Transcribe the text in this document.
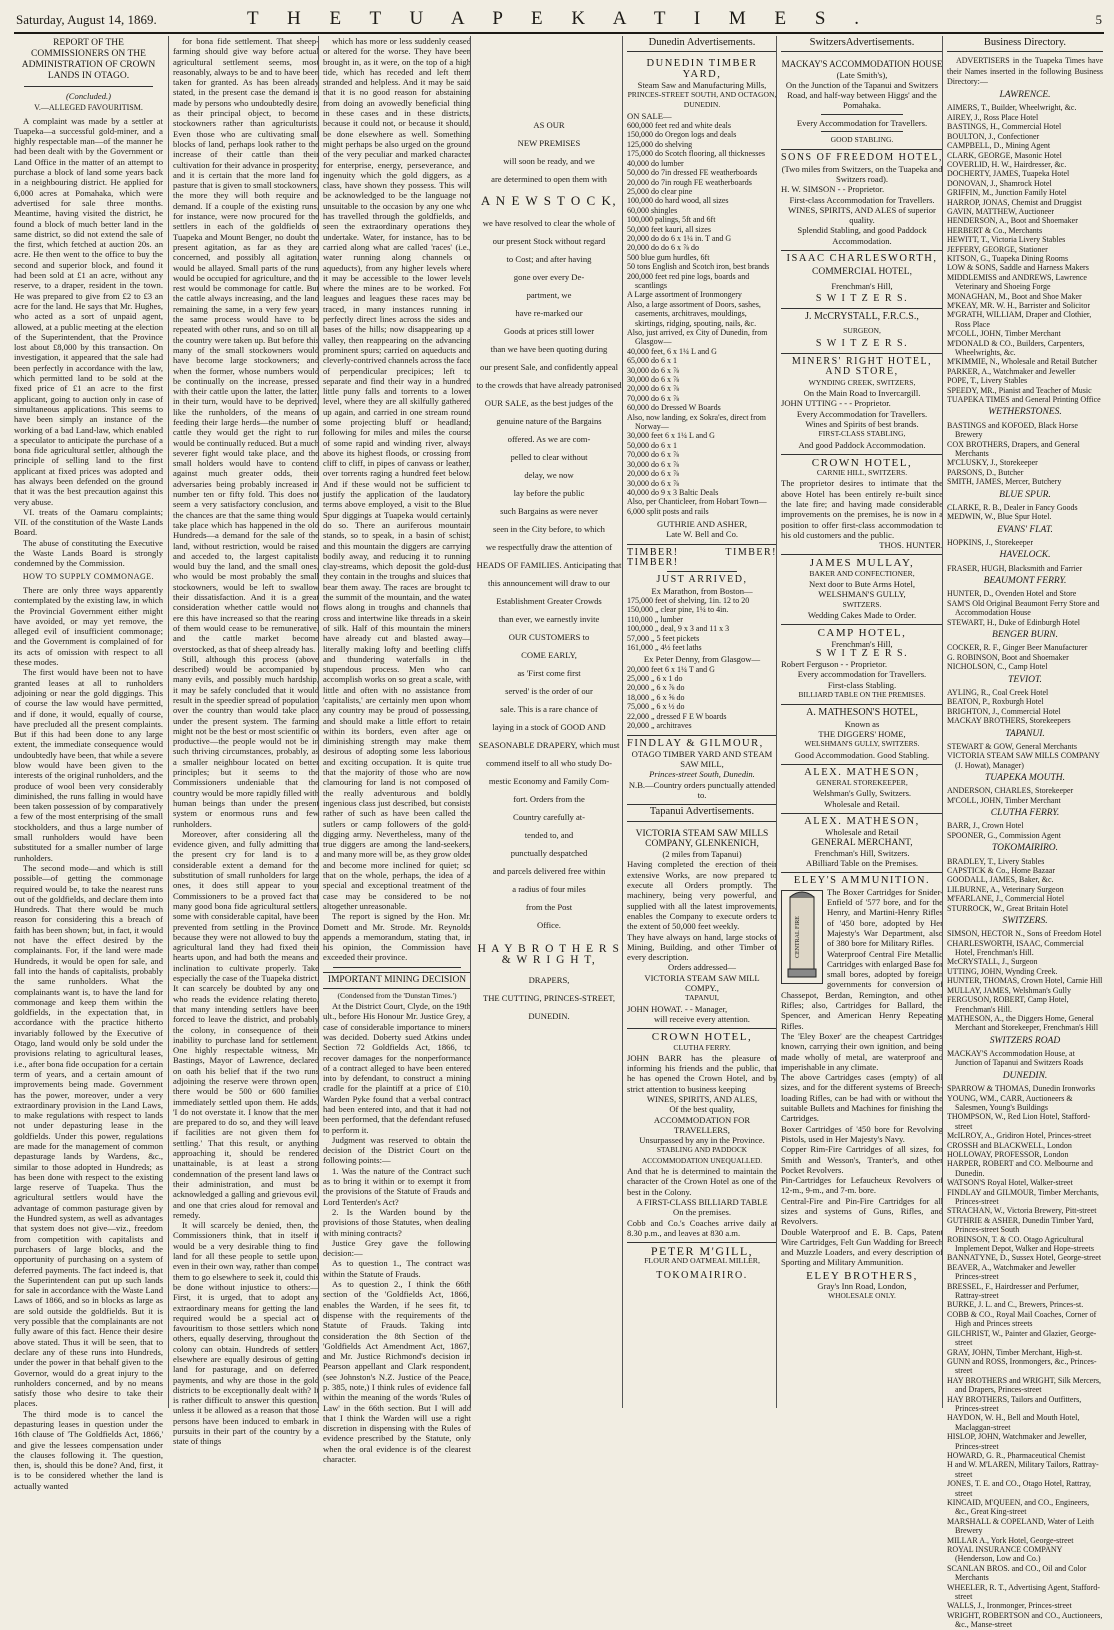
Saturday, August 14, 1869.	T H E T U A P E K A T I M E S .	5
REPORT OF THE COMMISSIONERS ON THE ADMINISTRATION OF CROWN LANDS IN OTAGO.

(Concluded.)

V.—ALLEGED FAVOURITISM.

A complaint was made by a settler at Tuapeka—a successful gold-miner, and a highly respectable man—of the manner he had been dealt with by the Government or Land Office in the matter of an attempt to purchase a block of land some years back in a neighbouring district. He applied for 6,000 acres at Pomahaka, which were advertised for sale three months. Meantime, having visited the district, he found a block of much better land in the same district, so did not extend the sale of the first, which fetched at auction 20s. an acre. He then went to the office to buy the second and superior block, and found it had been sold at £1 an acre, without any reserve, to a draper, resident in the town. He was prepared to give from £2 to £3 an acre for the land. He says that Mr. Hughes, who acted as a sort of unpaid agent, allowed, at a public meeting at the election of the Superintendent, that the Province lost about £8,000 by this transaction. On investigation, it appeared that the sale had been perfectly in accordance with the law, which permitted land to be sold at the fixed price of £1 an acre to the first applicant, going to auction only in case of simultaneous applications. This seems to have been simply an instance of the working of a bad Land-law, which enabled a speculator to anticipate the purchase of a bona fide agricultural settler, although the principle of selling land to the first applicant at fixed prices was adopted and has always been defended on the ground that it was the best precaution against this very abuse.

VI. treats of the Oamaru complaints; VII. of the constitution of the Waste Lands Board.

The abuse of constituting the Executive the Waste Lands Board is strongly condemned by the Commission.

HOW TO SUPPLY COMMONAGE.

There are only three ways apparently contemplated by the existing law, in which the Provincial Government either might have avoided, or may yet remove, the alleged evil of insufficient commonage; and the Government is complained of for its acts of omission with respect to all these modes.

The first would have been not to have granted leases at all to runholders adjoining or near the gold diggings. This of course the law would have permitted, and if done, it would, equally of course, have precluded all the present complaints. But if this had been done to any large extent, the immediate consequence would undoubtedly have been, that while a severe blow would have been given to the interests of the original runholders, and the produce of wool been very considerably diminished, the runs falling in would have been taken possession of by comparatively a few of the most enterprising of the small stockholders, and thus a large number of small runholders would have been substituted for a smaller number of large runholders.

The second mode—and which is still possible—of getting the commonage required would be, to take the nearest runs out of the goldfields, and declare them into Hundreds. That there would be much reason for considering this a breach of faith has been shown; but, in fact, it would not have the effect desired by the complainants. For, if the land were made Hundreds, it would be open for sale, and fall into the hands of capitalists, probably the same runholders. What the complainants want is, to have the land for commonage and keep them within the goldfields, in the expectation that, in accordance with the practice hitherto invariably followed by the Executive of Otago, land would only be sold under the provisions relating to agricultural leases, i.e., after bona fide occupation for a certain term of years, and a certain amount of improvements being made. Government has the power, moreover, under a very extraordinary provision in the Land Laws, to make regulations with respect to lands not under depasturing lease in the goldfields. Under this power, regulations are made for the management of common depasturage lands by Wardens, &c., similar to those adopted in Hundreds; as has been done with respect to the existing large reserve of Tuapeka. Thus the agricultural settlers would have the advantage of common pasturage given by the Hundred system, as well as advantages that system does not give—viz., freedom from competition with capitalists and purchasers of large blocks, and the opportunity of purchasing on a system of deferred payments. The fact indeed is, that the Superintendent can put up such lands for sale in accordance with the Waste Land Laws of 1866, and so in blocks as large as are sold outside the goldfields. But it is very possible that the complainants are not fully aware of this fact. Hence their desire above stated. Thus it will be seen, that to declare any of these runs into Hundreds, under the power in that behalf given to the Governor, would do a great injury to the runholders concerned, and by no means satisfy those who desire to take their places.

The third mode is to cancel the depasturing leases in question under the 16th clause of 'The Goldfields Act, 1866,' and give the lessees compensation under the clauses following it. The question, then, is, should this be done? And, first, it is to be considered whether the land is actually wanted

for bona fide settlement. That sheep-farming should give way before actual agricultural settlement seems, most reasonably, always to be and to have been taken for granted. As has been already stated, in the present case the demand is made by persons who undoubtedly desire, as their principal object, to become stockowners rather than agriculturists. Even those who are cultivating small blocks of land, perhaps look rather to the increase of their cattle than their cultivation for their advance in prosperity; and it is certain that the more land for pasture that is given to small stockowners, the more they will both require and demand. If a couple of the existing runs, for instance, were now procured for the settlers in each of the goldfields of Tuapeka and Mount Benger, no doubt the present agitation, as far as they are concerned, and possibly all agitation, would be allayed. Small parts of the runs would be occupied for agriculture, and the rest would be commonage for cattle. But the cattle always increasing, and the land remaining the same, in a very few years the same process would have to be repeated with other runs, and so on till all the country were taken up. But before this many of the small stockowners would have become large stockowners; and when the former, whose numbers would be continually on the increase, pressed with their cattle upon the latter, the latter, in their turn, would have to be deprived, like the runholders, of the means of feeding their large herds—the number of cattle they would get the right to run would be continually reduced. But a much severer fight would take place, and the small holders would have to contend against much greater odds, their adversaries being probably increased in number ten or fifty fold. This does not seem a very satisfactory conclusion, and the chances are that the same thing would take place which has happened in the old Hundreds—a demand for the sale of the land, without restriction, would be raised and acceded to, the largest capitalists would buy the land, and the small ones, who would be most probably the small stockowners, would be left to swallow their dissatisfaction. And it is a great consideration whether cattle would not ere this have increased so that the rearing of them would cease to be remunerative, and the cattle market become overstocked, as that of sheep already has.

Still, although this process (above described) would be accompanied by many evils, and possibly much hardship, it may be safely concluded that it would result in the speedier spread of population over the country than would take place under the present system. The farming might not be the best or most scientific or productive—the people would not be in such thriving circumstances, probably, as a smaller neighbour located on better principles; but it seems to the Commissioners undeniable that the country would be more rapidly filled with human beings than under the present system or enormous runs and few runholders.

Moreover, after considering all the evidence given, and fully admitting that the present cry for land is to a considerable extent a demand for the substitution of small runholders for large ones, it does still appear to your Commissioners to be a proved fact that many good bona fide agricultural settlers, some with considerable capital, have been prevented from settling in the Province because they were not allowed to buy the agricultural land they had fixed their hearts upon, and had both the means and inclination to cultivate properly. Take especially the case of the Tuapeka district. It can scarcely be doubted by any one who reads the evidence relating thereto, that many intending settlers have been forced to leave the district, and probably the colony, in consequence of their inability to purchase land for settlement. One highly respectable witness, Mr. Bastings, Mayor of Lawrence, declared on oath his belief that if the two runs adjoining the reserve were thrown open, there would be 500 or 600 families immediately settled upon them. He adds, 'I do not overstate it. I know that the men are prepared to do so, and they will leave if facilities are not given them for settling.' That this result, or anything approaching it, should be rendered unattainable, is at least a strong condemnation of the present land laws or their administration, and must be acknowledged a galling and grievous evil, and one that cries aloud for removal and remedy.

It will scarcely be denied, then, the Commissioners think, that in itself it would be a very desirable thing to find land for all these people to settle upon, even in their own way, rather than compel them to go elsewhere to seek it, could this be done without injustice to others:—First, it is urged, that to adopt any extraordinary means for getting the land required would be a special act of favouritism to those settlers which none others, equally deserving, throughout the colony can obtain. Hundreds of settlers elsewhere are equally desirous of getting land for pasturage, and on deferred payments, and why are those in the gold districts to be exceptionally dealt with? It is rather difficult to answer this question, unless it be allowed as a reason that those persons have been induced to embark in pursuits in their part of the country by a state of things

which has more or less suddenly ceased or altered for the worse. They have been brought in, as it were, on the top of a high tide, which has receded and left them stranded and helpless. And it may be said that it is no good reason for abstaining from doing an avowedly beneficial thing in these cases and in these districts, because it could not, or because it should, be done elsewhere as well. Something might perhaps be also urged on the ground of the very peculiar and marked character for enterprise, energy, perseverance, and ingenuity which the gold diggers, as a class, have shown they possess. This will be acknowledged to be the language not unsuitable to the occasion by any one who has travelled through the goldfields, and seen the extraordinary operations they undertake. Water, for instance, has to be carried along what are called 'races' (i.e., water running along channels or aqueducts), from any higher levels where it may be accessible to the lower levels where the mines are to be worked. For leagues and leagues these races may be traced, in many instances running in perfectly direct lines across the sides and bases of the hills; now disappearing up a valley, then reappearing on the advancing prominent spurs; carried on aqueducts and cleverly-contrived channels across the face of perpendicular precipices; left to separate and find their way in a hundred little puny falls and torrents to a lower level, where they are all skilfully gathered up again, and carried in one stream round some projecting bluff or headland; following for miles and miles the course of some rapid and winding river, always above its highest floods, or crossing from cliff to cliff, in pipes of canvass or leather, over torrents raging a hundred feet below. And if these would not be sufficient to justify the application of the laudatory terms above employed, a visit to the Blue Spur diggings at Tuapeka would certainly do so. There an auriferous mountain stands, so to speak, in a basin of schist; and this mountain the diggers are carrying bodily away, and reducing it to running clay-streams, which deposit the gold-dust they contain in the troughs and sluices that bear them away. The races are brought to the summit of the mountain, and the water flows along in troughs and channels that cross and intertwine like threads in a skein of silk. Half of this mountain the miners have already cut and blasted away—literally making lofty and beetling cliffs and thundering waterfalls in the stupendous process. Men who can accomplish works on so great a scale, with little and often with no assistance from 'capitalists,' are certainly men upon whom any country may be proud of possessing, and should make a little effort to retain within its borders, even after age or diminishing strength may make them desirous of adopting some less laborious and exciting occupation. It is quite true that the majority of those who are now clamouring for land is not composed of the really adventurous and boldly ingenious class just described, but consists rather of such as have been called the sutlers or camp followers of the gold-digging army. Nevertheless, many of the true diggers are among the land-seekers, and many more will be, as they grow older and become more inclined for quiet; so that on the whole, perhaps, the idea of a special and exceptional treatment of the case may be considered to be not altogether unreasonable.

The report is signed by the Hon. Mr. Domett and Mr. Strode. Mr. Reynolds appends a memorandum, stating that, in his opinion, the Commission have exceeded their province.

IMPORTANT MINING DECISION

(Condensed from the 'Dunstan Times.')

At the District Court, Clyde, on the 19th ult., before His Honour Mr. Justice Grey, a case of considerable importance to miners was decided. Doberty sued Atkins under Section 72 Goldfields Act, 1866, to recover damages for the nonperformance of a contract alleged to have been entered into by defendant, to construct a mining cradle for the plaintiff at a price of £10. Warden Pyke found that a verbal contract had been entered into, and that it had not been performed, that the defendant refused to perform it.

Judgment was reserved to obtain the decision of the District Court on the following points:—

1. Was the nature of the Contract such as to bring it within or to exempt it from the provisions of the Statute of Frauds and Lord Tenterden's Act?

2. Is the Warden bound by the provisions of those Statutes, when dealing with mining contracts?

Justice Grey gave the following decision:—

As to question 1., The contract was within the Statute of Frauds.

As to question 2., I think the 66th section of the 'Goldfields Act, 1866,' enables the Warden, if he sees fit, to dispense with the requirements of the Statute of Frauds. Taking into consideration the 8th Section of the 'Goldfields Act Amendment Act, 1867,' and Mr. Justice Richmond's decision in Pearson appellant and Clark respondent, (see Johnston's N.Z. Justice of the Peace, p. 385, note,) I think rules of evidence fall within the meaning of the words 'Rules of Law' in the 66th section. But I will add that I think the Warden will use a right discretion in dispensing with the Rules of evidence prescribed by the Statute, only when the oral evidence is of the clearest character.

AS OUR

NEW PREMISES

will soon be ready, and we

are determined to open them with

A N E W S T O C K,

we have resolved to clear the whole of

our present Stock without regard

to Cost; and after having

gone over every De-

partment, we

have re-marked our

Goods at prices still lower

than we have been quoting during

our present Sale, and confidently appeal

to the crowds that have already patronised

OUR SALE, as the best judges of the

genuine nature of the Bargains

offered. As we are com-

pelled to clear without

delay, we now

lay before the public

such Bargains as were never

seen in the City before, to which

we respectfully draw the attention of

HEADS OF FAMILIES. Anticipating that

this announcement will draw to our

Establishment Greater Crowds

than ever, we earnestly invite

OUR CUSTOMERS to

COME EARLY,

as 'First come first

served' is the order of our

sale. This is a rare chance of

laying in a stock of GOOD AND

SEASONABLE DRAPERY, which must

commend itself to all who study Do-

mestic Economy and Family Com-

fort. Orders from the

Country carefully at-

tended to, and

punctually despatched

and parcels delivered free within

a radius of four miles

from the Post

Office.

H A Y B R O T H E R S & W R I G H T,

DRAPERS,

THE CUTTING, PRINCES-STREET,

DUNEDIN.

Dunedin Advertisements.

DUNEDIN TIMBER YARD,

Steam Saw and Manufacturing Mills,

PRINCES-STREET SOUTH, AND OCTAGON, DUNEDIN.

ON SALE—

600,000 feet red and white deals

150,000 do Oregon logs and deals

125,000 do shelving

175,000 do Scotch flooring, all thicknesses

40,000 do lumber

50,000 do 7in dressed FE weatherboards

20,000 do 7in rough FE weatherboards

25,000 do clear pine

100,000 do hard wood, all sizes

60,000 shingles

100,000 palings, 5ft and 6ft

50,000 feet kauri, all sizes

20,000 do do 6 x 1¼ in. T and G

20,000 do do 6 x ⅞ do

500 blue gum hurdles, 6ft

50 tons English and Scotch iron, best brands

200,000 feet red pine logs, boards and scantlings

A Large assortment of Ironmongery

Also, a large assortment of Doors, sashes, casements, architraves, mouldings, skirtings, ridging, spouting, nails, &c.

Also, just arrived, ex City of Dunedin, from Glasgow—

40,000 feet, 6 x 1¼ L and G

65,000 do 6 x 1

30,000 do 6 x ⅞

30,000 do 6 x ⅞

20,000 do 6 x ⅞

70,000 do 6 x ⅞

60,000 do Dressed W Boards

Also, now landing, ex Sokra'es, direct from Norway—

30,000 feet 6 x 1¼ L and G

50,000 do 6 x 1

70,000 do 6 x ⅞

30,000 do 6 x ⅞

20,000 do 6 x ⅞

30,000 do 6 x ⅞

40,000 do 9 x 3 Baltic Deals

Also, per Chanticleer, from Hobart Town—

6,000 split posts and rails

GUTHRIE AND ASHER,

Late W. Bell and Co.

TIMBER! TIMBER! TIMBER!

JUST ARRIVED,

Ex Marathon, from Boston—

175,000 feet of shelving, 1in. 12 to 20

150,000 „ clear pine, 1¼ to 4in.

110,000 „ lumber

100,000 „ deal, 9 x 3 and 11 x 3

57,000 „ 5 feet pickets

161,000 „ 4½ feet laths

Ex Peter Denny, from Glasgow—

20,000 feet 6 x 1¼ T and G

25,000 „ 6 x 1 do

20,000 „ 6 x ⅞ do

18,000 „ 6 x ⅝ do

75,000 „ 6 x ½ do

22,000 „ dressed F E W boards

20,000 „ architraves

FINDLAY & GILMOUR,

OTAGO TIMBER YARD AND STEAM SAW MILL,

Princes-street South, Dunedin.

N.B.—Country orders punctually attended to.

Tapanui Advertisements.

VICTORIA STEAM SAW MILLS COMPANY, GLENKENICH,

(2 miles from Tapanui)

Having completed the erection of their extensive Works, are now prepared to execute all Orders promptly. The machinery, being very powerful, and supplied with all the latest improvements, enables the Company to execute orders to the extent of 50,000 feet weekly.

They have always on hand, large stocks of Mining, Building, and other Timber of every description.

Orders addressed—

VICTORIA STEAM SAW MILL COMPY.,

TAPANUI,

JOHN HOWAT. - - Manager,

will receive every attention.

CROWN HOTEL,

CLUTHA FERRY.

JOHN BARR has the pleasure of informing his friends and the public, that he has opened the Crown Hotel, and by strict attention to business keeping

WINES, SPIRITS, AND ALES,

Of the best quality,

ACCOMMODATION FOR TRAVELLERS,

Unsurpassed by any in the Province.

STABLING AND PADDOCK ACCOMMODATION UNEQUALLED.

And that he is determined to maintain the character of the Crown Hotel as one of the best in the Colony.

A FIRST-CLASS BILLIARD TABLE

On the premises.

Cobb and Co.'s Coaches arrive daily at 8.30 p.m., and leaves at 830 a.m.

PETER M'GILL,

FLOUR AND OATMEAL MILLER,

TOKOMAIRIRO.

SwitzersAdvertisements.

MACKAY'S ACCOMMODATION HOUSE

(Late Smith's),

On the Junction of the Tapanui and Switzers Road, and half-way between Higgs' and the Pomahaka.

Every Accommodation for Travellers.

GOOD STABLING.

SONS OF FREEDOM HOTEL,

(Two miles from Switzers, on the Tuapeka and Switzers road).

H. W. SIMSON - - Proprietor.

First-class Accommodation for Travellers.

WINES, SPIRITS, AND ALES of superior quality.

Splendid Stabling, and good Paddock Accommodation.

ISAAC CHARLESWORTH,

COMMERCIAL HOTEL,

Frenchman's Hill,

S W I T Z E R S.

J. McCRYSTALL, F.R.C.S.,

SURGEON,

S W I T Z E R S.

MINERS' RIGHT HOTEL, AND STORE,

WYNDING CREEK, SWITZERS,

On the Main Road to Invercargill.

JOHN UTTING - - - Proprietor.

Every Accommodation for Travellers.

Wines and Spirits of best brands.

FIRST-CLASS STABLING,

And good Paddock Accommodation.

CROWN HOTEL,

CARNIE HILL, SWITZERS.

The proprietor desires to intimate that the above Hotel has been entirely re-built since the late fire; and having made considerable improvements on the premises, he is now in a position to offer first-class accommodation to his old customers and the public.

THOS. HUNTER.

JAMES MULLAY,

BAKER AND CONFECTIONER,

Next door to Bute Arms Hotel,

WELSHMAN'S GULLY,

SWITZERS.

Wedding Cakes Made to Order.

CAMP HOTEL,

Frenchman's Hill,

S W I T Z E R S.

Robert Ferguson - - Proprietor.

Every accommodation for Travellers.

First-class Stabling.

BILLIARD TABLE ON THE PREMISES.

A. MATHESON'S HOTEL,

Known as

THE DIGGERS' HOME,

WELSHMAN'S GULLY, SWITZERS.

Good Accommodation. Good Stabling.

ALEX. MATHESON,

GENERAL STOREKEEPER,

Welshman's Gully, Switzers.

Wholesale and Retail.

ALEX. MATHESON,

Wholesale and Retail

GENERAL MERCHANT,

Frenchman's Hill, Switzers.

ABilliard Table on the Premises.

ELEY'S AMMUNITION.

CENTRAL FIRE

The Boxer Cartridges for Snider-Enfield of '577 bore, and for the Henry, and Martini-Henry Rifles of '450 bore, adopted by Her Majesty's War Department, also of 380 bore for Military Rifles.

Waterproof Central Fire Metallic Cartridges with enlarged Base for small bores, adopted by foreign governments for conversion of Chassepot, Berdan, Remington, and other Rifles; also, Cartridges for Ballard, the Spencer, and American Henry Repeating Rifles.

The 'Eley Boxer' are the cheapest Cartridges known, carrying their own ignition, and being made wholly of metal, are waterproof and imperishable in any climate.

The above Cartridges cases (empty) of all sizes, and for the different systems of Breech-loading Rifles, can be had with or without the suitable Bullets and Machines for finishing the Cartridges.

Boxer Cartridges of '450 bore for Revolving Pistols, used in Her Majesty's Navy.

Copper Rim-Fire Cartridges of all sizes, for Smith and Wesson's, Tranter's, and other Pocket Revolvers.

Pin-Cartridges for Lefaucheux Revolvers of 12-m., 9-m., and 7-m. bore.

Central-Fire and Pin-Fire Cartridges for all sizes and systems of Guns, Rifles, and Revolvers.

Double Waterproof and E. B. Caps, Patent Wire Cartridges, Felt Gun Wadding for Breech and Muzzle Loaders, and every description of Sporting and Military Ammunition.

ELEY BROTHERS,

Gray's Inn Road, London,

WHOLESALE ONLY.

Business Directory.

ADVERTISERS in the Tuapeka Times have their Names inserted in the following Business Directory:—

LAWRENCE.

AIMERS, T., Builder, Wheelwright, &c.

AIREY, J., Ross Place Hotel

BASTINGS, H., Commercial Hotel

BOULTON, J., Confectioner

CAMPBELL, D., Mining Agent

CLARK, GEORGE, Masonic Hotel

COVERLID, H. W., Hairdresser, &c.

DOCHERTY, JAMES, Tuapeka Hotel

DONOVAN, J., Shamrock Hotel

GRIFFIN, M., Junction Family Hotel

HARROP, JONAS, Chemist and Druggist

GAVIN, MATTHEW, Auctioneer

HENDERSON, A., Boot and Shoemaker

HERBERT & Co., Merchants

HEWITT, T., Victoria Livery Stables

JEFFERY, GEORGE, Stationer

KITSON, G., Tuapeka Dining Rooms

LOW & SONS, Saddle and Harness Makers

MIDDLEMISS and ANDREWS, Lawrence Veterinary and Shoeing Forge

MONAGHAN, M., Boot and Shoe Maker

M'KEAY, MR. W. H., Barrister and Solicitor

M'GRATH, WILLIAM, Draper and Clothier, Ross Place

M'COLL, JOHN, Timber Merchant

M'DONALD & CO., Builders, Carpenters, Wheelwrights, &c.

M'KIMMIE, N., Wholesale and Retail Butcher

PARKER, A., Watchmaker and Jeweller

POPE, T., Livery Stables

SPEEDY, MR., Pianist and Teacher of Music

TUAPEKA TIMES and General Printing Office

WETHERSTONES.

BASTINGS and KOFOED, Black Horse Brewery

COX BROTHERS, Drapers, and General Merchants

M'CLUSKY, J., Storekeeper

PARSONS, D., Butcher

SMITH, JAMES, Mercer, Butchery

BLUE SPUR.

CLARKE, R. B., Dealer in Fancy Goods

MEDWIN, W., Blue Spur Hotel.

EVANS' FLAT.

HOPKINS, J., Storekeeper

HAVELOCK.

FRASER, HUGH, Blacksmith and Farrier

BEAUMONT FERRY.

HUNTER, D., Ovenden Hotel and Store

SAM'S Old Original Beaumont Ferry Store and Accommodation House

STEWART, H., Duke of Edinburgh Hotel

BENGER BURN.

COCKER, R. F., Ginger Beer Manufacturer

G. ROBINSON, Boot and Shoemaker

NICHOLSON, C., Camp Hotel

TEVIOT.

AYLING, R., Coal Creek Hotel

BEATON, P., Roxburgh Hotel

BRIGHTON, J., Commercial Hotel

MACKAY BROTHERS, Storekeepers

TAPANUI.

STEWART & GOW, General Merchants

VICTORIA STEAM SAW MILLS COMPANY (J. Howat), Manager)

TUAPEKA MOUTH.

ANDERSON, CHARLES, Storekeeper

M'COLL, JOHN, Timber Merchant

CLUTHA FERRY.

BARR, J., Crown Hotel

SPOONER, G., Commission Agent

TOKOMAIRIRO.

BRADLEY, T., Livery Stables

CAPSTICK & Co., Home Bazaar

GOODALL, JAMES, Baker, &c.

LILBURNE, A., Veterinary Surgeon

M'FARLANE, J., Commercial Hotel

STURROCK, W., Great Britain Hotel

SWITZERS.

SIMSON, HECTOR N., Sons of Freedom Hotel

CHARLESWORTH, ISAAC, Commercial Hotel, Frenchman's Hill.

McCRYSTALL, J., Surgeon

UTTING, JOHN, Wynding Creek.

HUNTER, THOMAS, Crown Hotel, Carnie Hill

MULLAY, JAMES, Welshman's Gully

FERGUSON, ROBERT, Camp Hotel, Frenchman's Hill.

MATHESON, A., the Diggers Home, General Merchant and Storekeeper, Frenchman's Hill

SWITZERS ROAD

MACKAY'S Accommodation House, at Junction of Tapanui and Switzers Roads

DUNEDIN.

SPARROW & THOMAS, Dunedin Ironworks

YOUNG, WM., CARR, Auctioneers & Salesmen, Young's Buildings

THOMPSON, W., Red Lion Hotel, Stafford-street

McILROY, A., Gridiron Hotel, Princes-street

CROSSH and BLACKWELL, London

HOLLOWAY, PROFESSOR, London

HARPER, ROBERT and CO. Melbourne and Dunedin.

WATSON'S Royal Hotel, Walker-street

FINDLAY and GILMOUR, Timber Merchants, Princes-street

STRACHAN, W., Victoria Brewery, Pitt-street

GUTHRIE & ASHER, Dunedin Timber Yard, Princes-street South

ROBINSON, T. & CO. Otago Agricultural Implement Depot, Walker and Hope-streets

BANNATYNE, D., Sussex Hotel, George-street

BEAVER, A., Watchmaker and Jeweller Princes-street

BRESSEL, F., Hairdresser and Perfumer, Rattray-street

BURKE, J. L. and C., Brewers, Princes-st.

COBB & CO., Royal Mail Coaches, Corner of High and Princes streets

GILCHRIST, W., Painter and Glazier, George-street

GRAY, JOHN, Timber Merchant, High-st.

GUNN and ROSS, Ironmongers, &c., Princes-street

HAY BROTHERS and WRIGHT, Silk Mercers, and Drapers, Princes-street

HAY BROTHERS, Tailors and Outfitters, Princes-street

HAYDON, W. H., Bell and Mouth Hotel, Maclaggan-street

HISLOP, JOHN, Watchmaker and Jeweller, Princes-street

HOWARD, G. R., Pharmaceutical Chemist

H and W. M'LAREN, Military Tailors, Rattray-street

JONES, T. E. and CO., Otago Hotel, Rattray, street

KINCAID, M'QUEEN, and CO., Engineers, &c., Great King-street

MARSHALL & COPELAND, Water of Leith Brewery

MILLAR A., York Hotel, George-street

ROYAL INSURANCE COMPANY (Henderson, Low and Co.)

SCANLAN BROS. and CO., Oil and Color Merchants

WHEELER, R. T., Advertising Agent, Stafford-street

WALLS, J., Ironmonger, Princes-street

WRIGHT, ROBERTSON and CO., Auctioneers, &c., Manse-street
